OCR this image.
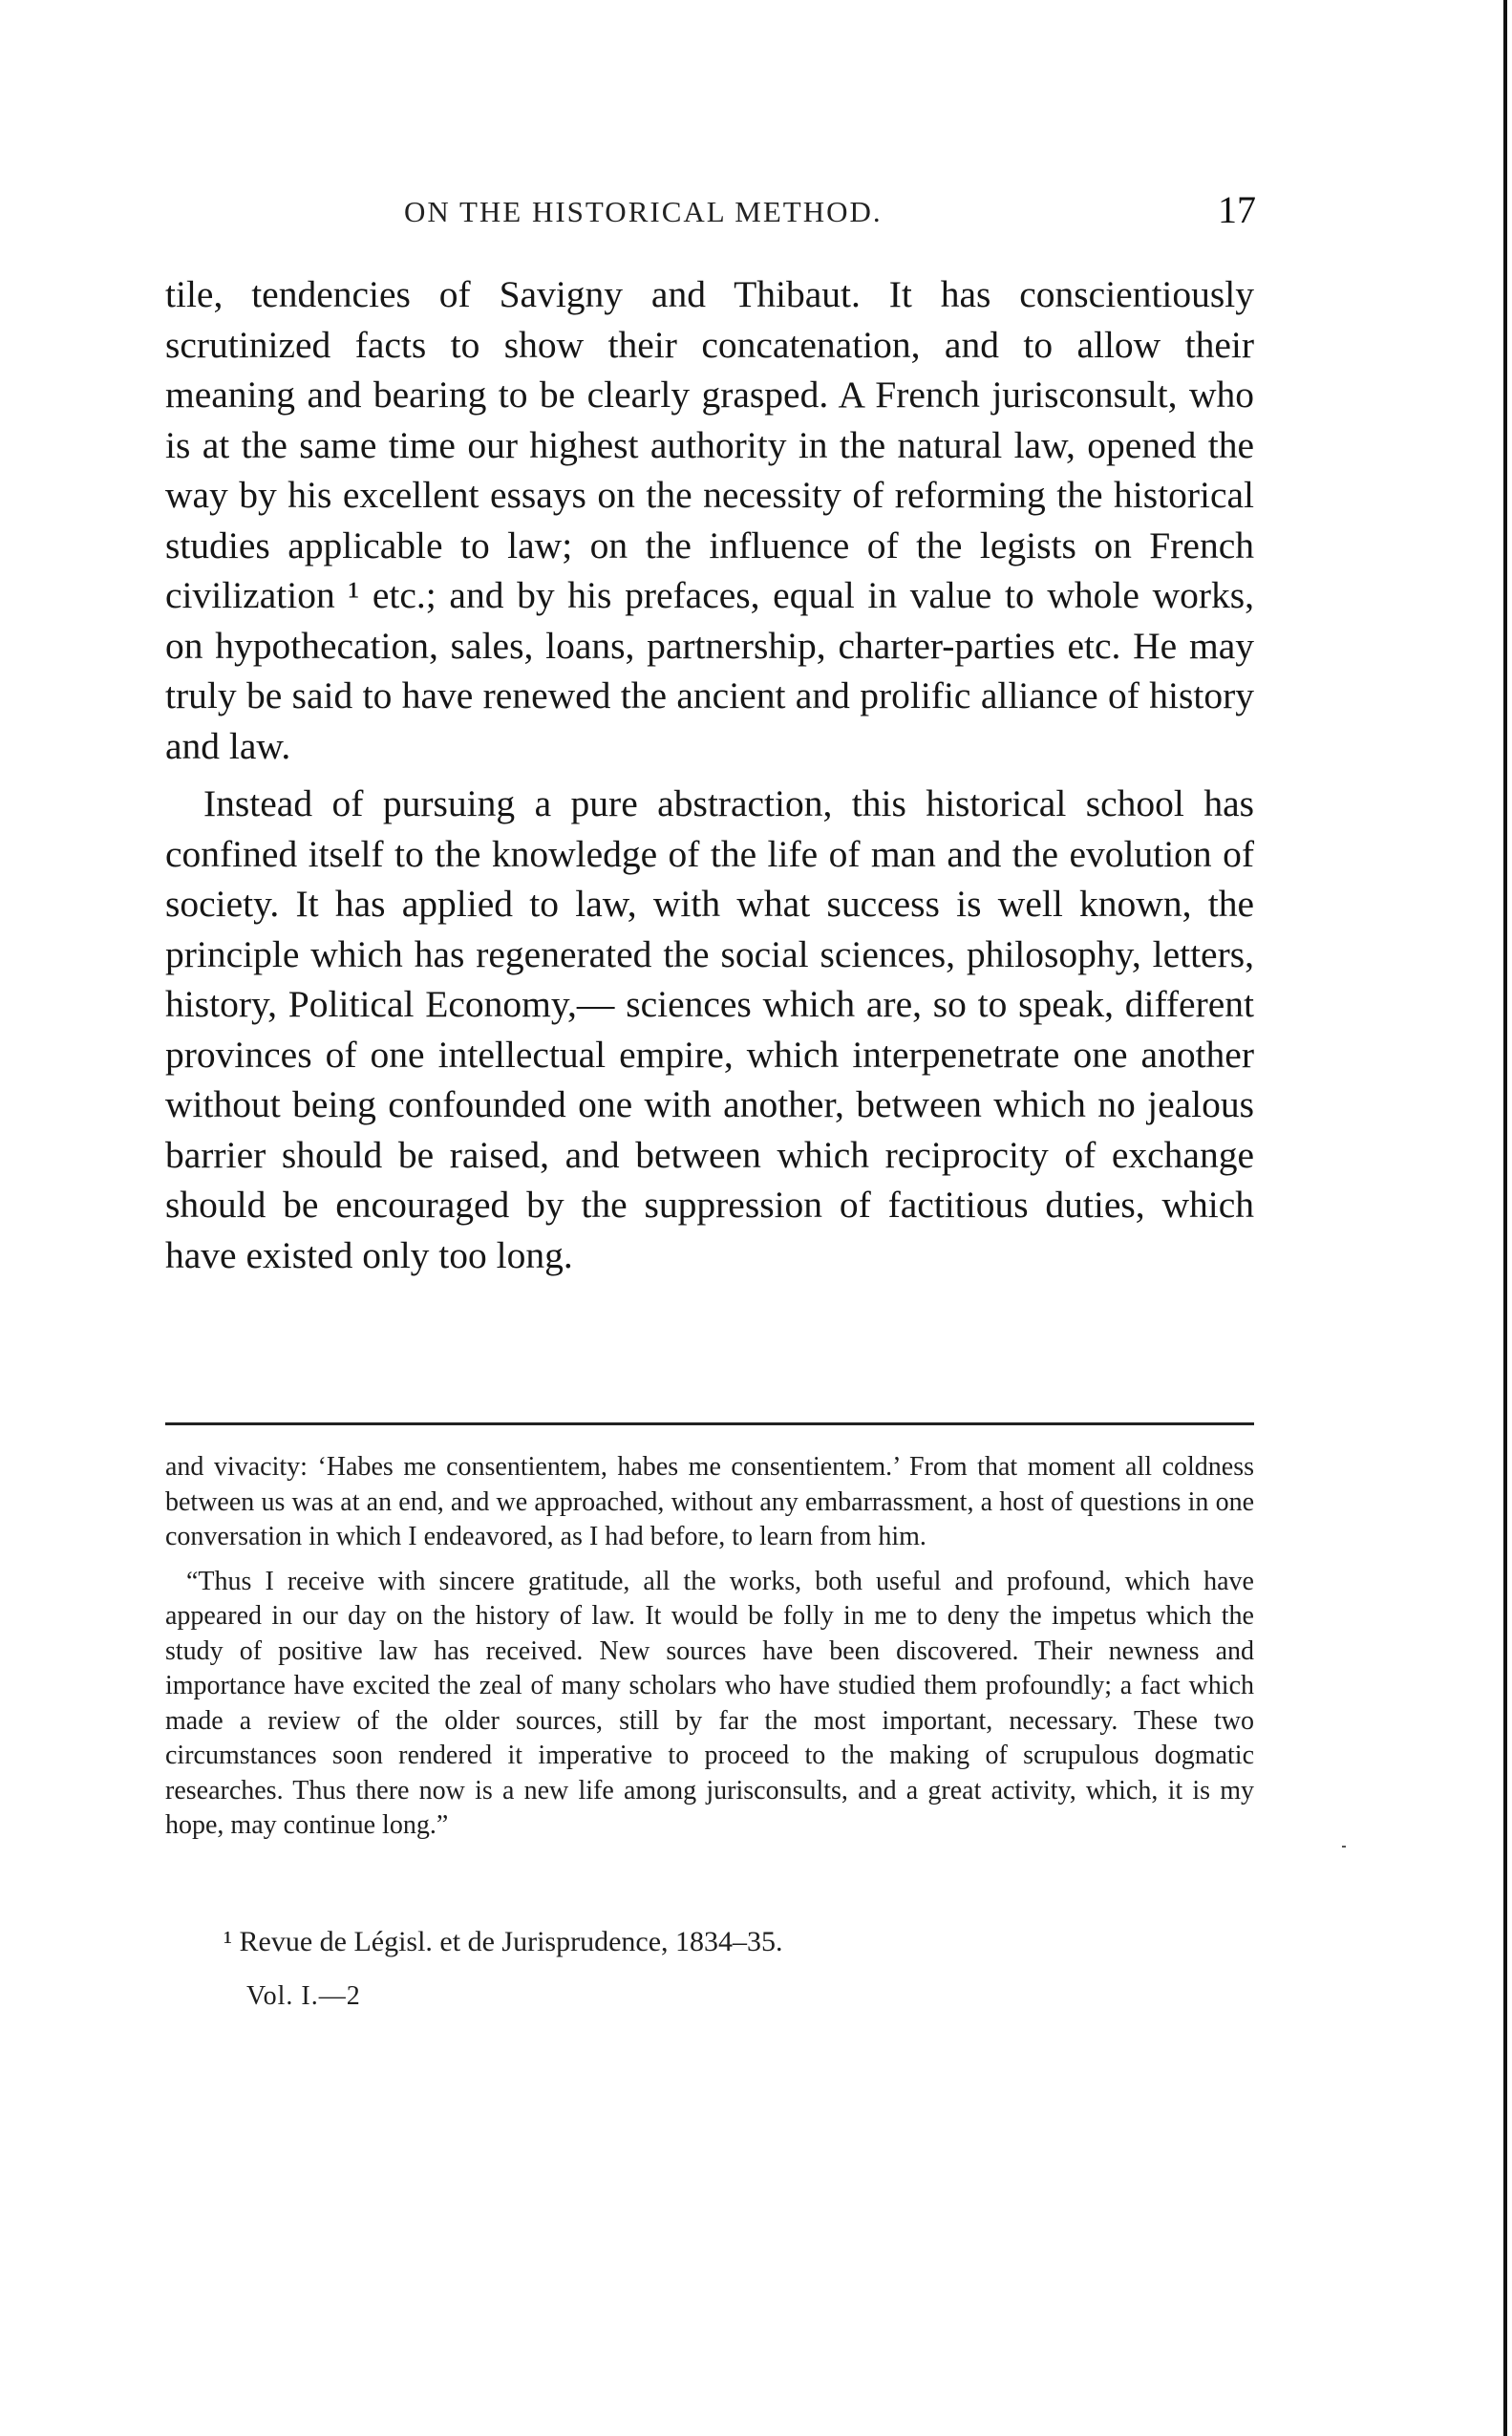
ON THE HISTORICAL METHOD.	17

tile, tendencies of Savigny and Thibaut. It has conscientiously scrutinized facts to show their concatenation, and to allow their meaning and bearing to be clearly grasped. A French jurisconsult, who is at the same time our highest authority in the natural law, opened the way by his excellent essays on the necessity of reforming the historical studies applicable to law; on the influence of the legists on French civilization ¹ etc.; and by his prefaces, equal in value to whole works, on hypothecation, sales, loans, partnership, charter-parties etc. He may truly be said to have renewed the ancient and prolific alliance of history and law.

Instead of pursuing a pure abstraction, this historical school has confined itself to the knowledge of the life of man and the evolution of society. It has applied to law, with what success is well known, the principle which has regenerated the social sciences, philosophy, letters, history, Political Economy,— sciences which are, so to speak, different provinces of one intellectual empire, which interpenetrate one another without being confounded one with another, between which no jealous barrier should be raised, and between which reciprocity of exchange should be encouraged by the suppression of factitious duties, which have existed only too long.

and vivacity: ‘Habes me consentientem, habes me consentientem.’ From that moment all coldness between us was at an end, and we approached, without any embarrassment, a host of questions in one conversation in which I endeavored, as I had before, to learn from him.

“Thus I receive with sincere gratitude, all the works, both useful and profound, which have appeared in our day on the history of law. It would be folly in me to deny the impetus which the study of positive law has received. New sources have been discovered. Their newness and importance have excited the zeal of many scholars who have studied them profoundly; a fact which made a review of the older sources, still by far the most important, necessary. These two circumstances soon rendered it imperative to proceed to the making of scrupulous dogmatic researches. Thus there now is a new life among jurisconsults, and a great activity, which, it is my hope, may continue long.”

¹ Revue de Législ. et de Jurisprudence, 1834–35.
Vol. I.—2
